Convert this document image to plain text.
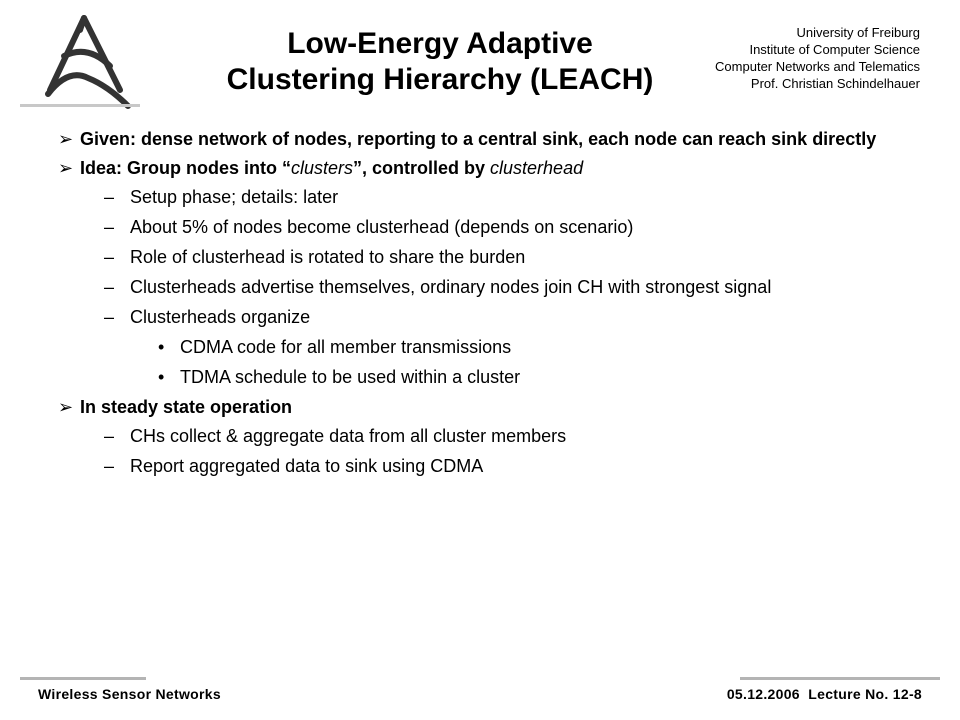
Low-Energy Adaptive
Clustering Hierarchy (LEACH)
University of Freiburg
Institute of Computer Science
Computer Networks and Telematics
Prof. Christian Schindelhauer
➢ Given: dense network of nodes, reporting to a central sink, each node can reach sink directly
➢ Idea: Group nodes into “clusters”, controlled by clusterhead
– Setup phase; details: later
– About 5% of nodes become clusterhead (depends on scenario)
– Role of clusterhead is rotated to share the burden
– Clusterheads advertise themselves, ordinary nodes join CH with strongest signal
– Clusterheads organize
• CDMA code for all member transmissions
• TDMA schedule to be used within a cluster
➢ In steady state operation
– CHs collect & aggregate data from all cluster members
– Report aggregated data to sink using CDMA
Wireless Sensor Networks	05.12.2006  Lecture No. 12-8
